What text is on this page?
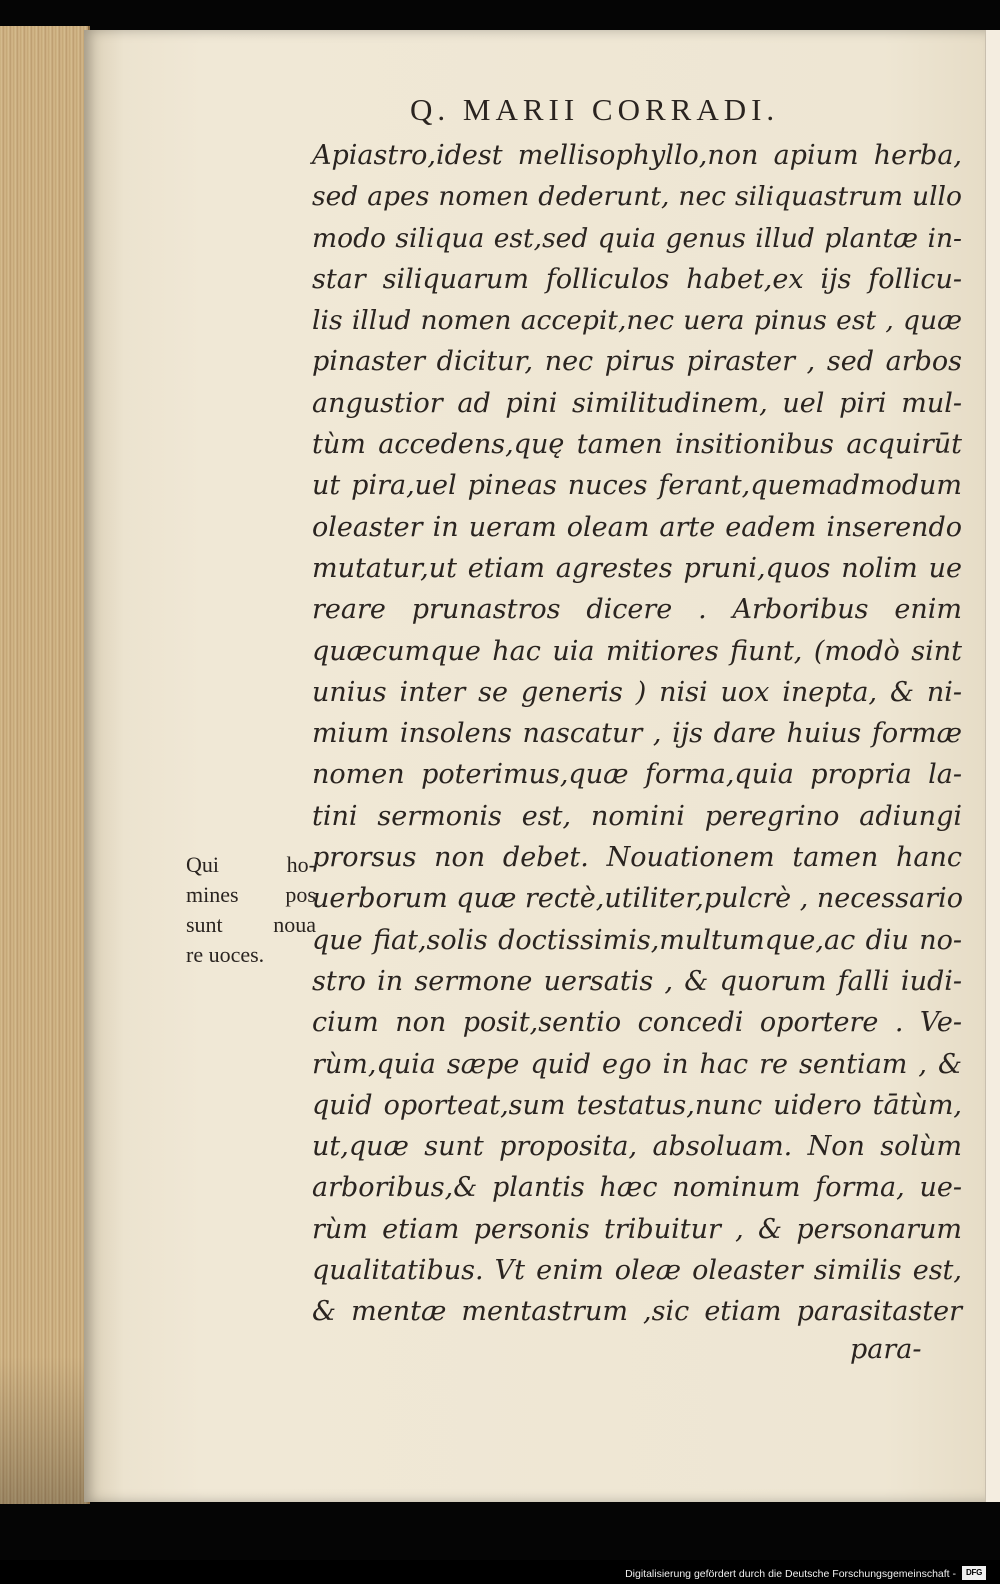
Q. MARII CORRADI.
Apiastro,idest mellisophyllo,non apium herba,
sed apes nomen dederunt, nec siliquastrum ullo
modo siliqua est,sed quia genus illud plantæ in-
star siliquarum folliculos habet,ex ijs follicu-
lis illud nomen accepit,nec uera pinus est , quæ
pinaster dicitur, nec pirus piraster , sed arbos
angustior ad pini similitudinem, uel piri mul-
tùm accedens,quę tamen insitionibus acquirūt
ut pira,uel pineas nuces ferant,quemadmodum
oleaster in ueram oleam arte eadem inserendo
mutatur,ut etiam agrestes pruni,quos nolim ue
reare prunastros dicere . Arboribus enim
quæcumque hac uia mitiores fiunt, (modò sint
unius inter se generis ) nisi uox inepta, & ni-
mium insolens nascatur , ijs dare huius formæ
nomen poterimus,quæ forma,quia propria la-
tini sermonis est, nomini peregrino adiungi
prorsus non debet. Nouationem tamen hanc
uerborum quæ rectè,utiliter,pulcrè , necessario
que fiat,solis doctissimis,multumque,ac diu no-
stro in sermone uersatis , & quorum falli iudi-
cium non posit,sentio concedi oportere . Ve-
rùm,quia sæpe quid ego in hac re sentiam , &
quid oporteat,sum testatus,nunc uidero tātùm,
ut,quæ sunt proposita, absoluam. Non solùm
arboribus,& plantis hæc nominum forma, ue-
rùm etiam personis tribuitur , & personarum
qualitatibus. Vt enim oleæ oleaster similis est,
& mentæ mentastrum ,sic etiam parasitaster
Qui ho-
mines pos
sunt noua
re uoces.
para-
Digitalisierung gefördert durch die Deutsche Forschungsgemeinschaft -	DFG
